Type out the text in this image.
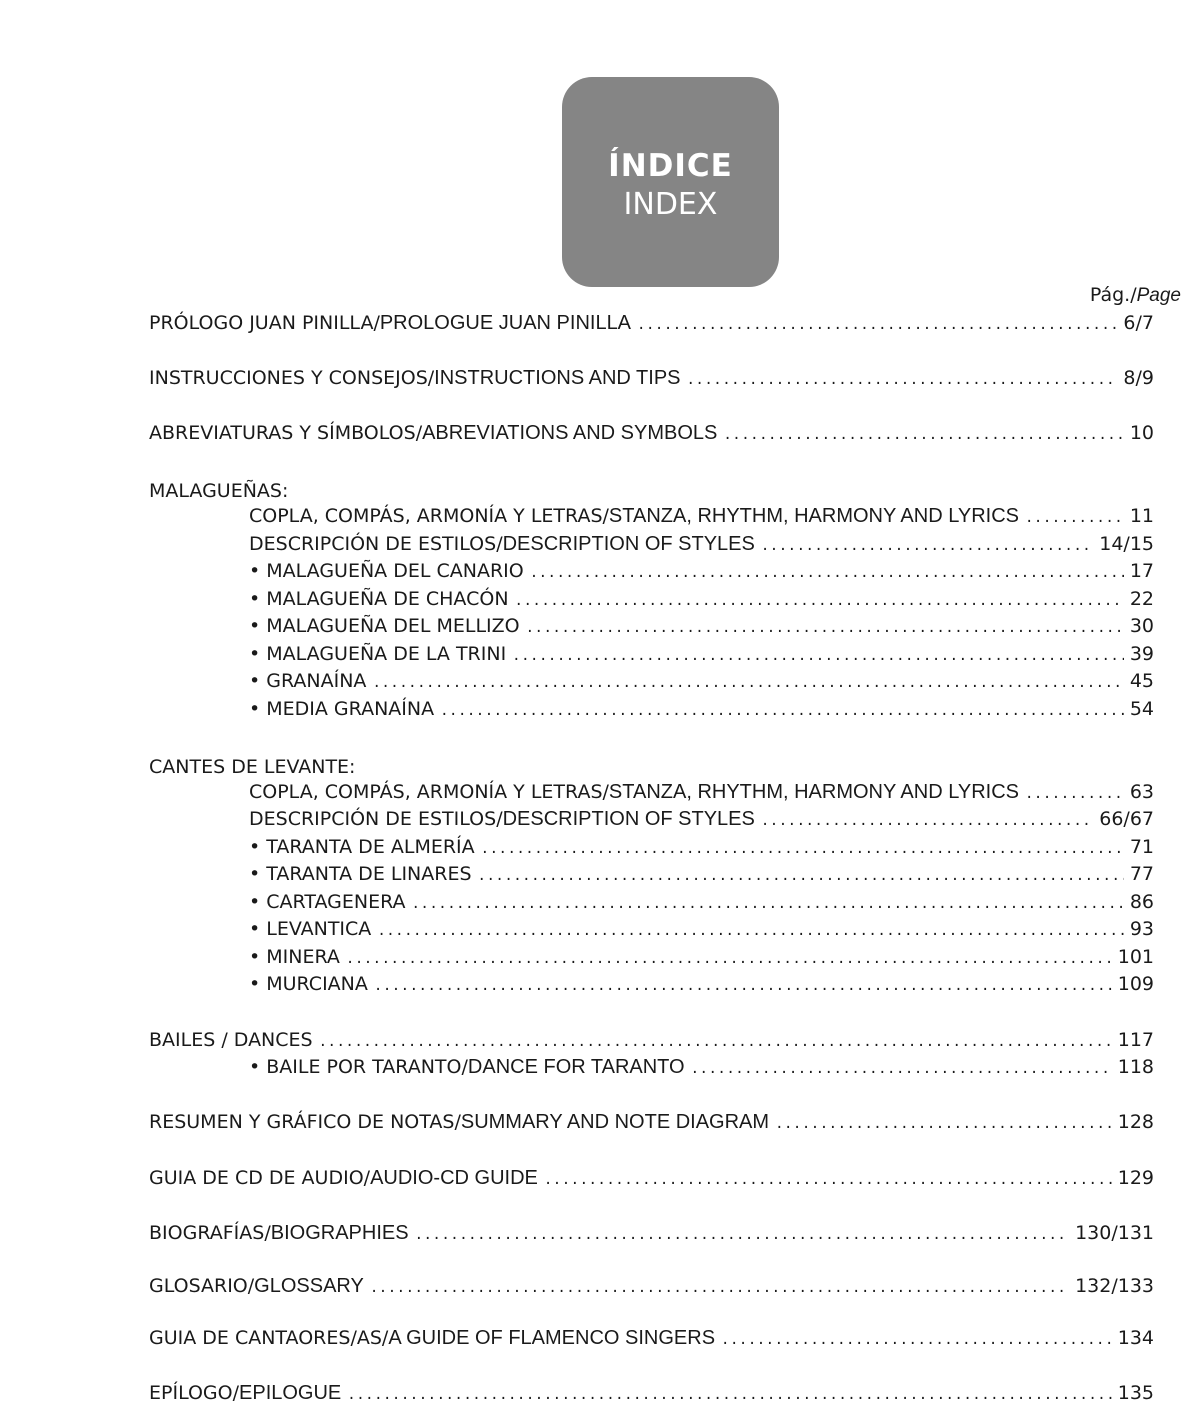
ÍNDICE
INDEX
Pág./Page
PRÓLOGO JUAN PINILLA / PROLOGUE JUAN PINILLA .....	6/7
INSTRUCCIONES Y CONSEJOS / INSTRUCTIONS AND TIPS .....	8/9
ABREVIATURAS Y SÍMBOLOS / ABREVIATIONS AND SYMBOLS .....	10
MALAGUEÑAS:
COPLA, COMPÁS, ARMONÍA Y LETRAS / STANZA, RHYTHM, HARMONY AND LYRICS .....	11
DESCRIPCIÓN DE ESTILOS / DESCRIPTION OF STYLES .....	14/15
• MALAGUEÑA DEL CANARIO .....	17
• MALAGUEÑA DE CHACÓN .....	22
• MALAGUEÑA DEL MELLIZO .....	30
• MALAGUEÑA DE LA TRINI .....	39
• GRANAÍNA .....	45
• MEDIA GRANAÍNA .....	54
CANTES DE LEVANTE:
COPLA, COMPÁS, ARMONÍA Y LETRAS / STANZA, RHYTHM, HARMONY AND LYRICS .....	63
DESCRIPCIÓN DE ESTILOS / DESCRIPTION OF STYLES .....	66/67
• TARANTA DE ALMERÍA .....	71
• TARANTA DE LINARES .....	77
• CARTAGENERA .....	86
• LEVANTICA .....	93
• MINERA .....	101
• MURCIANA .....	109
BAILES / DANCES .....	117
• BAILE POR TARANTO / DANCE FOR TARANTO .....	118
RESUMEN Y GRÁFICO DE NOTAS / SUMMARY AND NOTE DIAGRAM .....	128
GUIA DE CD DE AUDIO / AUDIO-CD GUIDE .....	129
BIOGRAFÍAS / BIOGRAPHIES .....	130/131
GLOSARIO / GLOSSARY .....	132/133
GUIA DE CANTAORES/AS / A GUIDE OF FLAMENCO SINGERS .....	134
EPÍLOGO / EPILOGUE .....	135
